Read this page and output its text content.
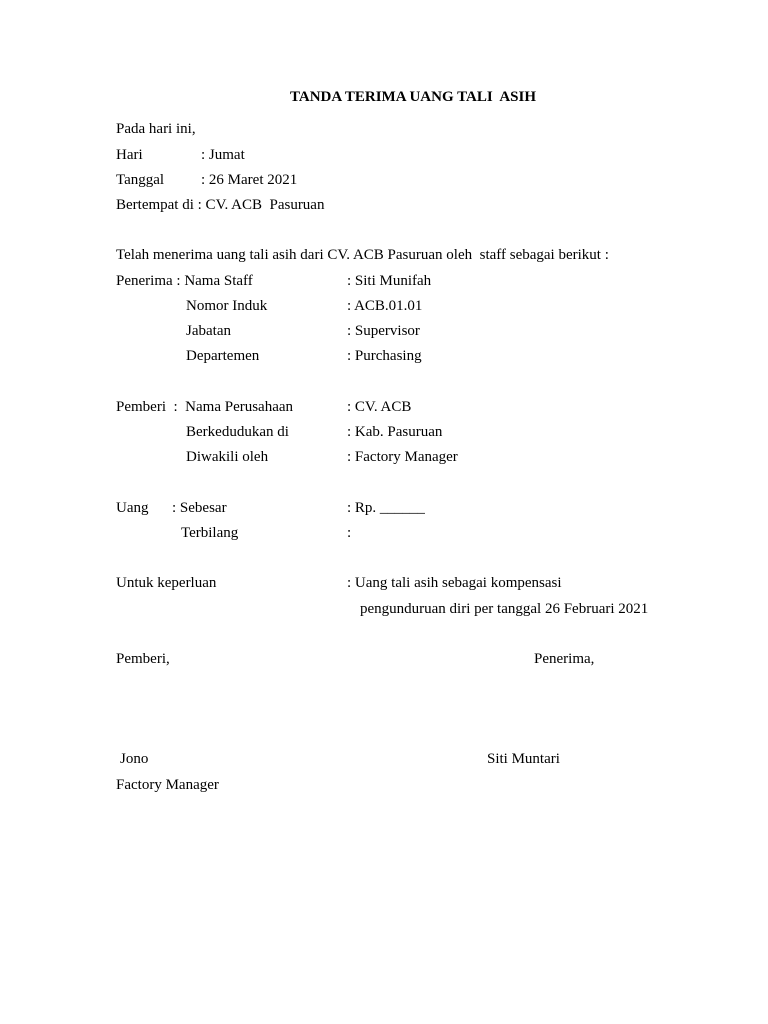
TANDA TERIMA UANG TALI  ASIH

Pada hari ini,

Hari	: Jumat

Tanggal : 26 Maret 2021

Bertempat di : CV. ACB  Pasuruan

Telah menerima uang tali asih dari CV. ACB Pasuruan oleh  staff sebagai berikut :

Penerima : Nama Staff	: Siti Munifah

Nomor Induk	: ACB.01.01

Jabatan	: Supervisor

Departemen	: Purchasing

Pemberi  :  Nama Perusahaan	: CV. ACB

Berkedudukan di	: Kab. Pasuruan

Diwakili oleh	: Factory Manager

Uang : Sebesar	: Rp. ______

Terbilang	:

Untuk keperluan	: Uang tali asih sebagai kompensasi

pengunduruan diri per tanggal 26 Februari 2021

Pemberi,	Penerima,

Jono	Siti Muntari

Factory Manager
